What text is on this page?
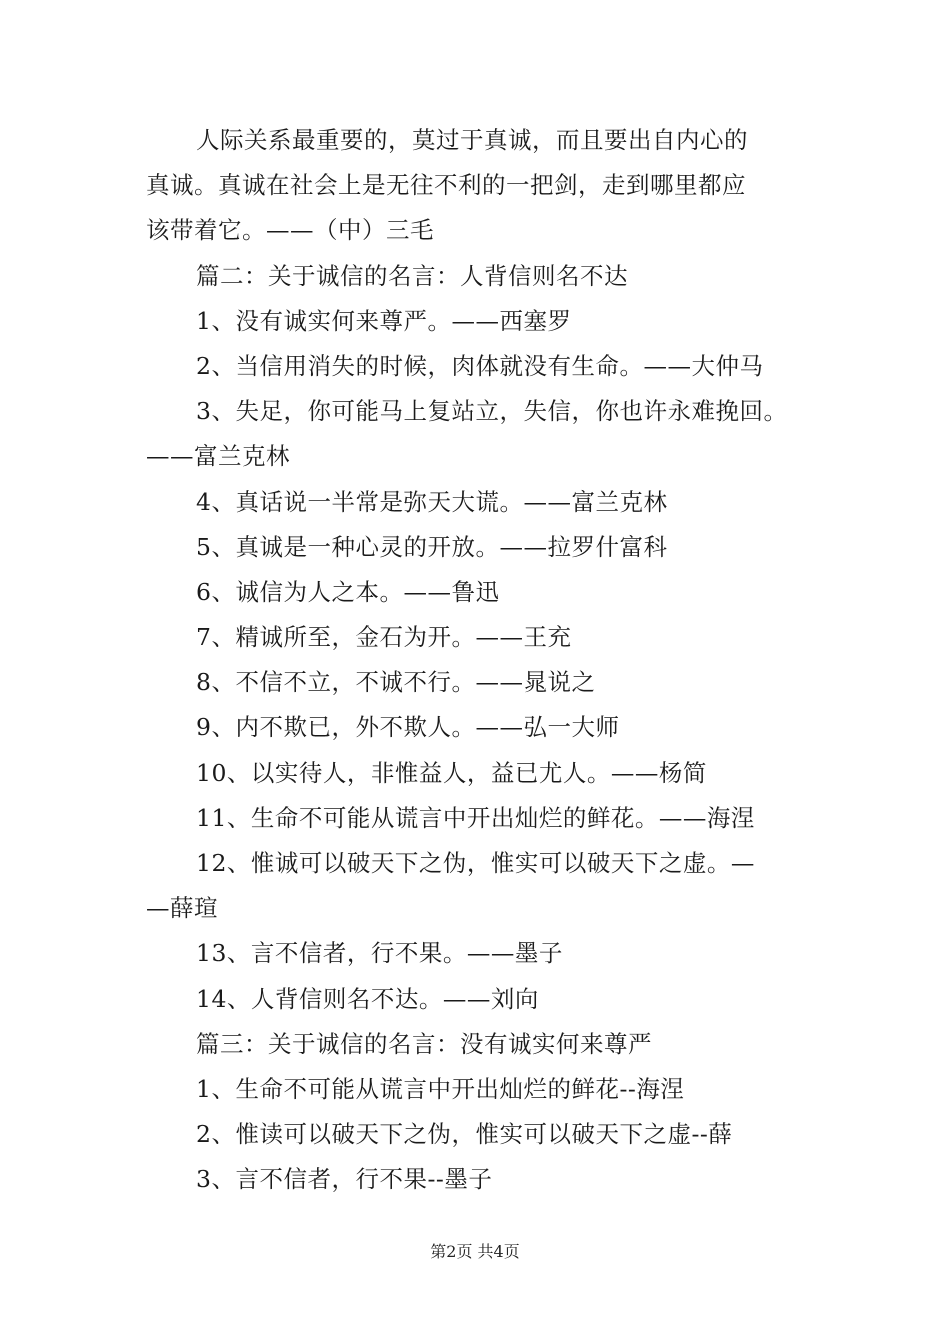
人际关系最重要的，莫过于真诚，而且要出自内心的
真诚。真诚在社会上是无往不利的一把剑，走到哪里都应
该带着它。——（中）三毛
篇二：关于诚信的名言：人背信则名不达
1、没有诚实何来尊严。——西塞罗
2、当信用消失的时候，肉体就没有生命。——大仲马
3、失足，你可能马上复站立，失信，你也许永难挽回。
——富兰克林
4、真话说一半常是弥天大谎。——富兰克林
5、真诚是一种心灵的开放。——拉罗什富科
6、诚信为人之本。——鲁迅
7、精诚所至，金石为开。——王充
8、不信不立，不诚不行。——晁说之
9、内不欺已，外不欺人。——弘一大师
10、以实待人，非惟益人，益已尤人。——杨简
11、生命不可能从谎言中开出灿烂的鲜花。——海涅
12、惟诚可以破天下之伪，惟实可以破天下之虚。—
—薛瑄
13、言不信者，行不果。——墨子
14、人背信则名不达。——刘向
篇三：关于诚信的名言：没有诚实何来尊严
1、生命不可能从谎言中开出灿烂的鲜花--海涅
2、惟读可以破天下之伪，惟实可以破天下之虚--薛
3、言不信者，行不果--墨子
第2页 共4页
